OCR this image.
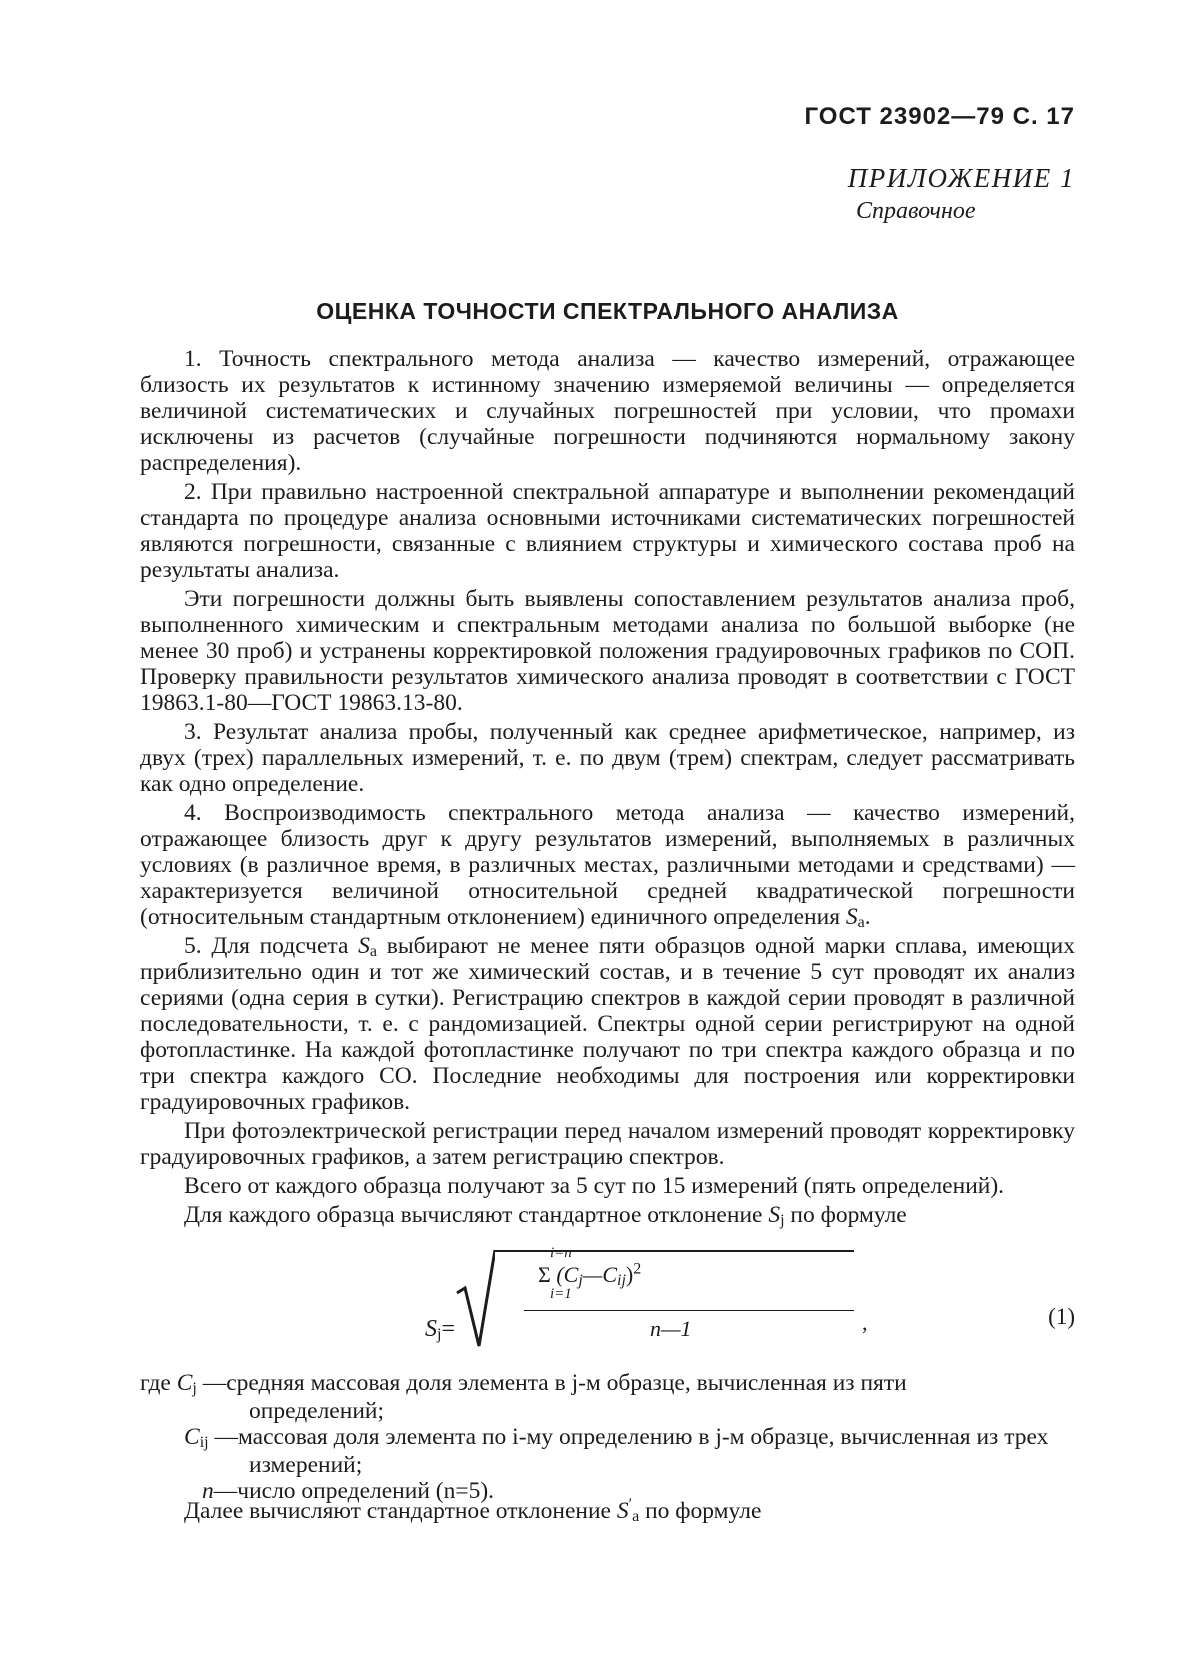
ГОСТ 23902—79 С. 17
ПРИЛОЖЕНИЕ 1
Справочное
ОЦЕНКА ТОЧНОСТИ СПЕКТРАЛЬНОГО АНАЛИЗА

1. Точность спектрального метода анализа — качество измерений, отражающее близость их результатов к истинному значению измеряемой величины — определяется величиной систематических и случайных погрешностей при условии, что промахи исключены из расчетов (случайные погрешности подчиняются нормальному закону распределения).

2. При правильно настроенной спектральной аппаратуре и выполнении рекомендаций стандарта по процедуре анализа основными источниками систематических погрешностей являются погрешности, связанные с влиянием структуры и химического состава проб на результаты анализа.

Эти погрешности должны быть выявлены сопоставлением результатов анализа проб, выполненного химическим и спектральным методами анализа по большой выборке (не менее 30 проб) и устранены корректировкой положения градуировочных графиков по СОП. Проверку правильности результатов химического анализа проводят в соответствии с ГОСТ 19863.1-80—ГОСТ 19863.13-80.

3. Результат анализа пробы, полученный как среднее арифметическое, например, из двух (трех) параллельных измерений, т. е. по двум (трем) спектрам, следует рассматривать как одно определение.

4. Воспроизводимость спектрального метода анализа — качество измерений, отражающее близость друг к другу результатов измерений, выполняемых в различных условиях (в различное время, в различных местах, различными методами и средствами) — характеризуется величиной относительной средней квадратической погрешности (относительным стандартным отклонением) единичного определения $S_a$.

5. Для подсчета $S_a$ выбирают не менее пяти образцов одной марки сплава, имеющих приблизительно один и тот же химический состав, и в течение 5 сут проводят их анализ сериями (одна серия в сутки). Регистрацию спектров в каждой серии проводят в различной последовательности, т. е. с рандомизацией. Спектры одной серии регистрируют на одной фотопластинке. На каждой фотопластинке получают по три спектра каждого образца и по три спектра каждого СО. Последние необходимы для построения или корректировки градуировочных графиков.

При фотоэлектрической регистрации перед началом измерений проводят корректировку градуировочных графиков, а затем регистрацию спектров.

Всего от каждого образца получают за 5 сут по 15 измерений (пять определений).

Для каждого образца вычисляют стандартное отклонение $S_j$ по формуле

$S_j=$
i=n
Σ $(C_j—C_{ij})^2$
i=1
n—1	,	(1)
где $C_j$ — средняя массовая доля элемента в j-м образце, вычисленная из пяти
определений;
$C_{ij}$ — массовая доля элемента по i-му определению в j-м образце, вычисленная из трех
измерений;
n— число определений (n=5).
Далее вычисляют стандартное отклонение $S'_a$ по формуле
